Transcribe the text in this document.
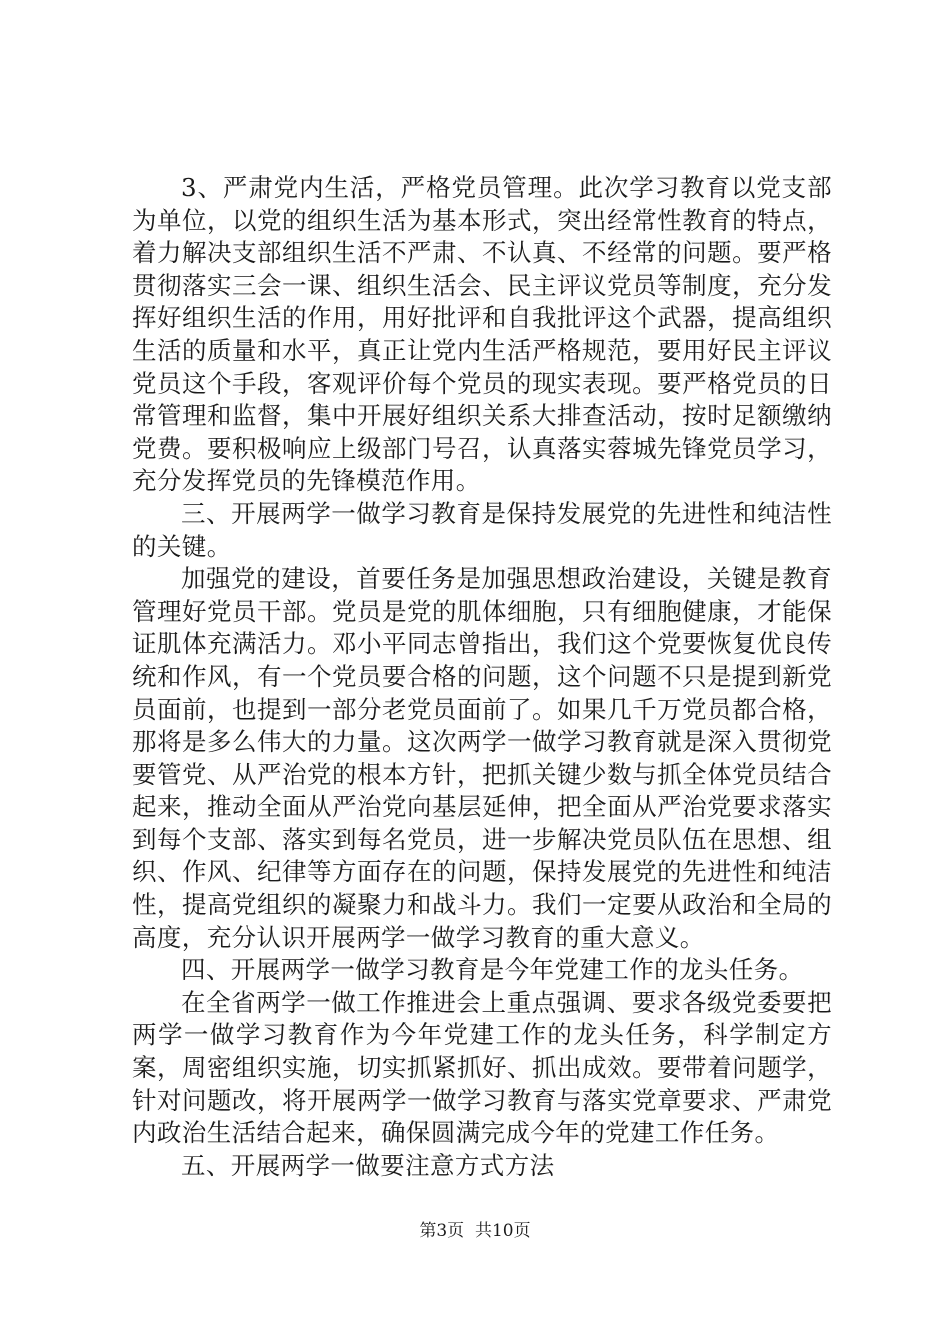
3、严肃党内生活，严格党员管理。此次学习教育以党支部为单位，以党的组织生活为基本形式，突出经常性教育的特点，着力解决支部组织生活不严肃、不认真、不经常的问题。要严格贯彻落实三会一课、组织生活会、民主评议党员等制度，充分发挥好组织生活的作用，用好批评和自我批评这个武器，提高组织生活的质量和水平，真正让党内生活严格规范，要用好民主评议党员这个手段，客观评价每个党员的现实表现。要严格党员的日常管理和监督，集中开展好组织关系大排查活动，按时足额缴纳党费。要积极响应上级部门号召，认真落实蓉城先锋党员学习，充分发挥党员的先锋模范作用。

三、开展两学一做学习教育是保持发展党的先进性和纯洁性的关键。

加强党的建设，首要任务是加强思想政治建设，关键是教育管理好党员干部。党员是党的肌体细胞，只有细胞健康，才能保证肌体充满活力。邓小平同志曾指出，我们这个党要恢复优良传统和作风，有一个党员要合格的问题，这个问题不只是提到新党员面前，也提到一部分老党员面前了。如果几千万党员都合格，那将是多么伟大的力量。这次两学一做学习教育就是深入贯彻党要管党、从严治党的根本方针，把抓关键少数与抓全体党员结合起来，推动全面从严治党向基层延伸，把全面从严治党要求落实到每个支部、落实到每名党员，进一步解决党员队伍在思想、组织、作风、纪律等方面存在的问题，保持发展党的先进性和纯洁性，提高党组织的凝聚力和战斗力。我们一定要从政治和全局的高度，充分认识开展两学一做学习教育的重大意义。

四、开展两学一做学习教育是今年党建工作的龙头任务。

在全省两学一做工作推进会上重点强调、要求各级党委要把两学一做学习教育作为今年党建工作的龙头任务，科学制定方案，周密组织实施，切实抓紧抓好、抓出成效。要带着问题学，针对问题改，将开展两学一做学习教育与落实党章要求、严肃党内政治生活结合起来，确保圆满完成今年的党建工作任务。

五、开展两学一做要注意方式方法

第3页  共10页
